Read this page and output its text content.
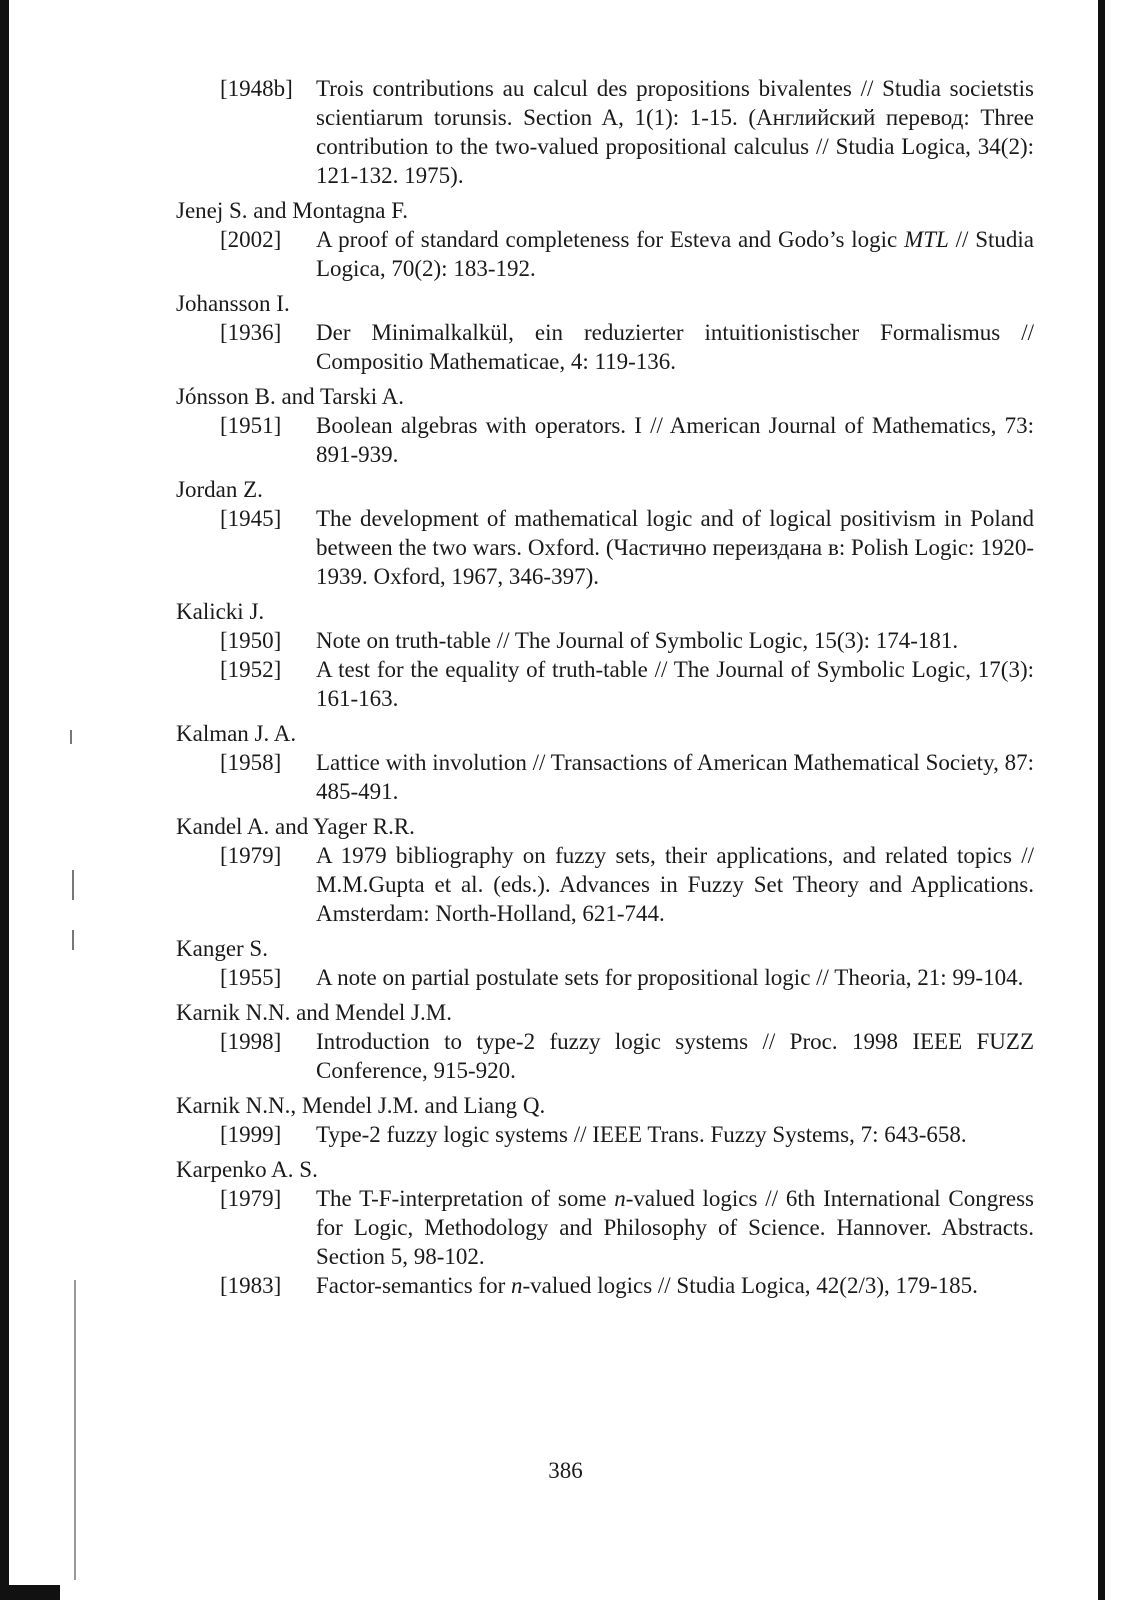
[1948b]	Trois contributions au calcul des propositions bivalentes // Studia societstis scientiarum torunsis. Section A, 1(1): 1-15. (Английский перевод: Three contribution to the two-valued propositional calculus // Studia Logica, 34(2): 121-132. 1975).
Jenej S. and Montagna F.
[2002]	A proof of standard completeness for Esteva and Godo’s logic MTL // Studia Logica, 70(2): 183-192.
Johansson I.
[1936]	Der Minimalkalkül, ein reduzierter intuitionistischer Formalismus // Compositio Mathematicae, 4: 119-136.
Jónsson B. and Tarski A.
[1951]	Boolean algebras with operators. I // American Journal of Mathematics, 73: 891-939.
Jordan Z.
[1945]	The development of mathematical logic and of logical positivism in Poland between the two wars. Oxford. (Частично переиздана в: Polish Logic: 1920-1939. Oxford, 1967, 346-397).
Kalicki J.
[1950]	Note on truth-table // The Journal of Symbolic Logic, 15(3): 174-181.
[1952]	A test for the equality of truth-table // The Journal of Symbolic Logic, 17(3): 161-163.
Kalman J. A.
[1958]	Lattice with involution // Transactions of American Mathematical Society, 87: 485-491.
Kandel A. and Yager R.R.
[1979]	A 1979 bibliography on fuzzy sets, their applications, and related topics // M.M.Gupta et al. (eds.). Advances in Fuzzy Set Theory and Applications. Amsterdam: North-Holland, 621-744.
Kanger S.
[1955]	A note on partial postulate sets for propositional logic // Theoria, 21: 99-104.
Karnik N.N. and Mendel J.M.
[1998]	Introduction to type-2 fuzzy logic systems // Proc. 1998 IEEE FUZZ Conference, 915-920.
Karnik N.N., Mendel J.M. and Liang Q.
[1999]	Type-2 fuzzy logic systems // IEEE Trans. Fuzzy Systems, 7: 643-658.
Karpenko A. S.
[1979]	The T-F-interpretation of some n-valued logics // 6th International Congress for Logic, Methodology and Philosophy of Science. Hannover. Abstracts. Section 5, 98-102.
[1983]	Factor-semantics for n-valued logics // Studia Logica, 42(2/3), 179-185.
386
